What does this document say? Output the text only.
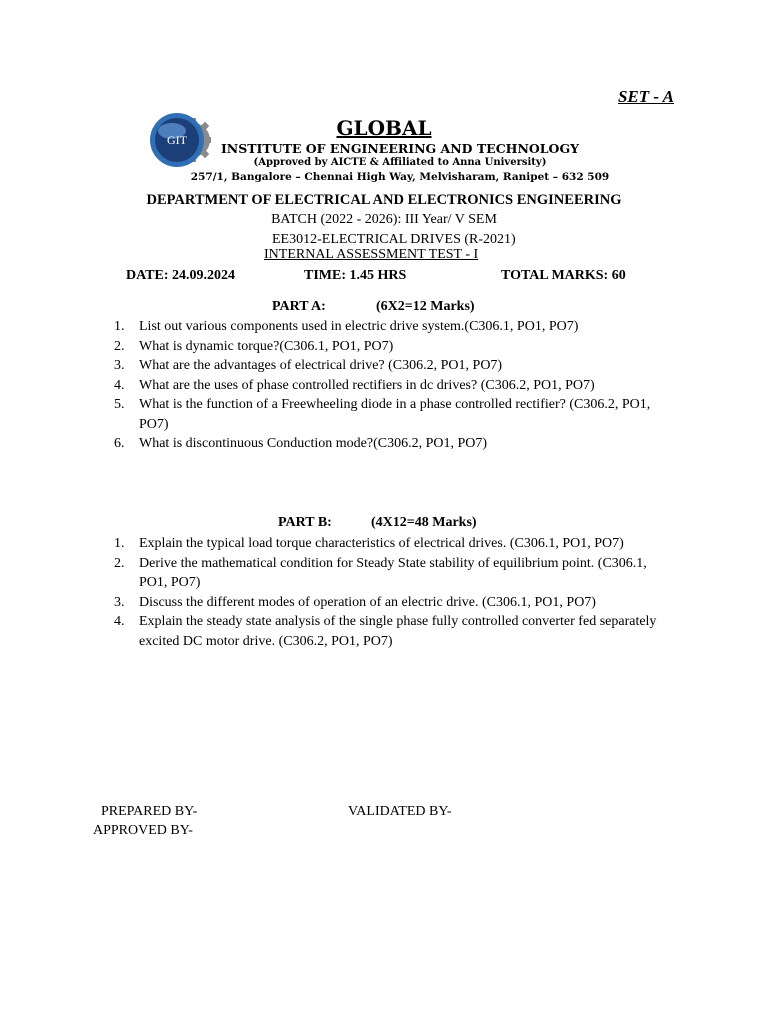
SET - A
GIT	GLOBAL
INSTITUTE OF ENGINEERING AND TECHNOLOGY
(Approved by AICTE & Affiliated to Anna University)
257/1, Bangalore – Chennai High Way, Melvisharam, Ranipet – 632 509
DEPARTMENT OF ELECTRICAL AND ELECTRONICS ENGINEERING
BATCH (2022 - 2026): III Year/ V SEM
EE3012-ELECTRICAL DRIVES (R-2021)
INTERNAL ASSESSMENT TEST - I
DATE: 24.09.2024	TIME: 1.45 HRS	TOTAL MARKS: 60
PART A:	(6X2=12 Marks)
1.	List out various components used in electric drive system.(C306.1, PO1, PO7)
2.	What is dynamic torque?(C306.1, PO1, PO7)
3.	What are the advantages of electrical drive? (C306.2, PO1, PO7)
4.	What are the uses of phase controlled rectifiers in dc drives? (C306.2, PO1, PO7)
5.	What is the function of a Freewheeling diode in a phase controlled rectifier? (C306.2, PO1, PO7)
6.	What is discontinuous Conduction mode?(C306.2, PO1, PO7)
PART B:	(4X12=48 Marks)
1.	Explain the typical load torque characteristics of electrical drives. (C306.1, PO1, PO7)
2.	Derive the mathematical condition for Steady State stability of equilibrium point. (C306.1, PO1, PO7)
3.	Discuss the different modes of operation of an electric drive. (C306.1, PO1, PO7)
4.	Explain the steady state analysis of the single phase fully controlled converter fed separately excited DC motor drive. (C306.2, PO1, PO7)
PREPARED BY-	VALIDATED BY-
APPROVED BY-
